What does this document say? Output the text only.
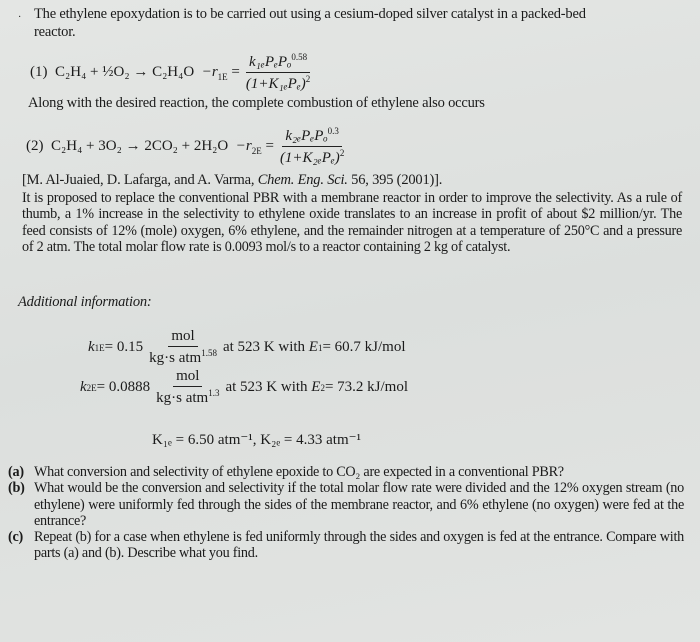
· The ethylene epoxydation is to be carried out using a cesium-doped silver catalyst in a packed-bed
reactor.
(1)
C₂H₄ + ½O₂ → C₂H₄O
$-r_{1E} = \frac{k_{1e}P_eP_o^{0.58}}{(1+K_{1e}P_e)^2}$
Along with the desired reaction, the complete combustion of ethylene also occurs
(2)
C₂H₄ + 3O₂ → 2CO₂ + 2H₂O
$-r_{2E} = \frac{k_{2e}P_eP_o^{0.3}}{(1+K_{2e}P_e)^2}$
[M. Al-Juaied, D. Lafarga, and A. Varma, Chem. Eng. Sci. 56, 395 (2001)].
It is proposed to replace the conventional PBR with a membrane reactor in order to improve the selectivity. As a rule of thumb, a 1% increase in the selectivity to ethylene oxide translates to an increase in profit of about $2 million/yr. The feed consists of 12% (mole) oxygen, 6% ethylene, and the remainder nitrogen at a temperature of 250°C and a pressure of 2 atm. The total molar flow rate is 0.0093 mol/s to a reactor containing 2 kg of catalyst.
Additional information:
k $1E = 0.15 \frac{\text{mol}}{kg\cdot s atm^{1.58}}$ at 523 K with
E 1 = 60.7 kJ/mol
k $2E = 0.0888 \frac{\text{mol}}{kg\cdot s atm^{1.3}}$ at 523 K with
E 2 = 73.2 kJ/mol
K₁ₑ = 6.50 atm⁻¹, K₂ₑ = 4.33 atm⁻¹
(a) What conversion and selectivity of ethylene epoxide to CO₂ are expected in a conventional PBR?
(b) What would be the conversion and selectivity if the total molar flow rate were divided and the 12% oxygen stream (no ethylene) were uniformly fed through the sides of the membrane reactor, and 6% ethylene (no oxygen) were fed at the entrance?
(c) Repeat (b) for a case when ethylene is fed uniformly through the sides and oxygen is fed at the entrance. Compare with parts (a) and (b). Describe what you find.
